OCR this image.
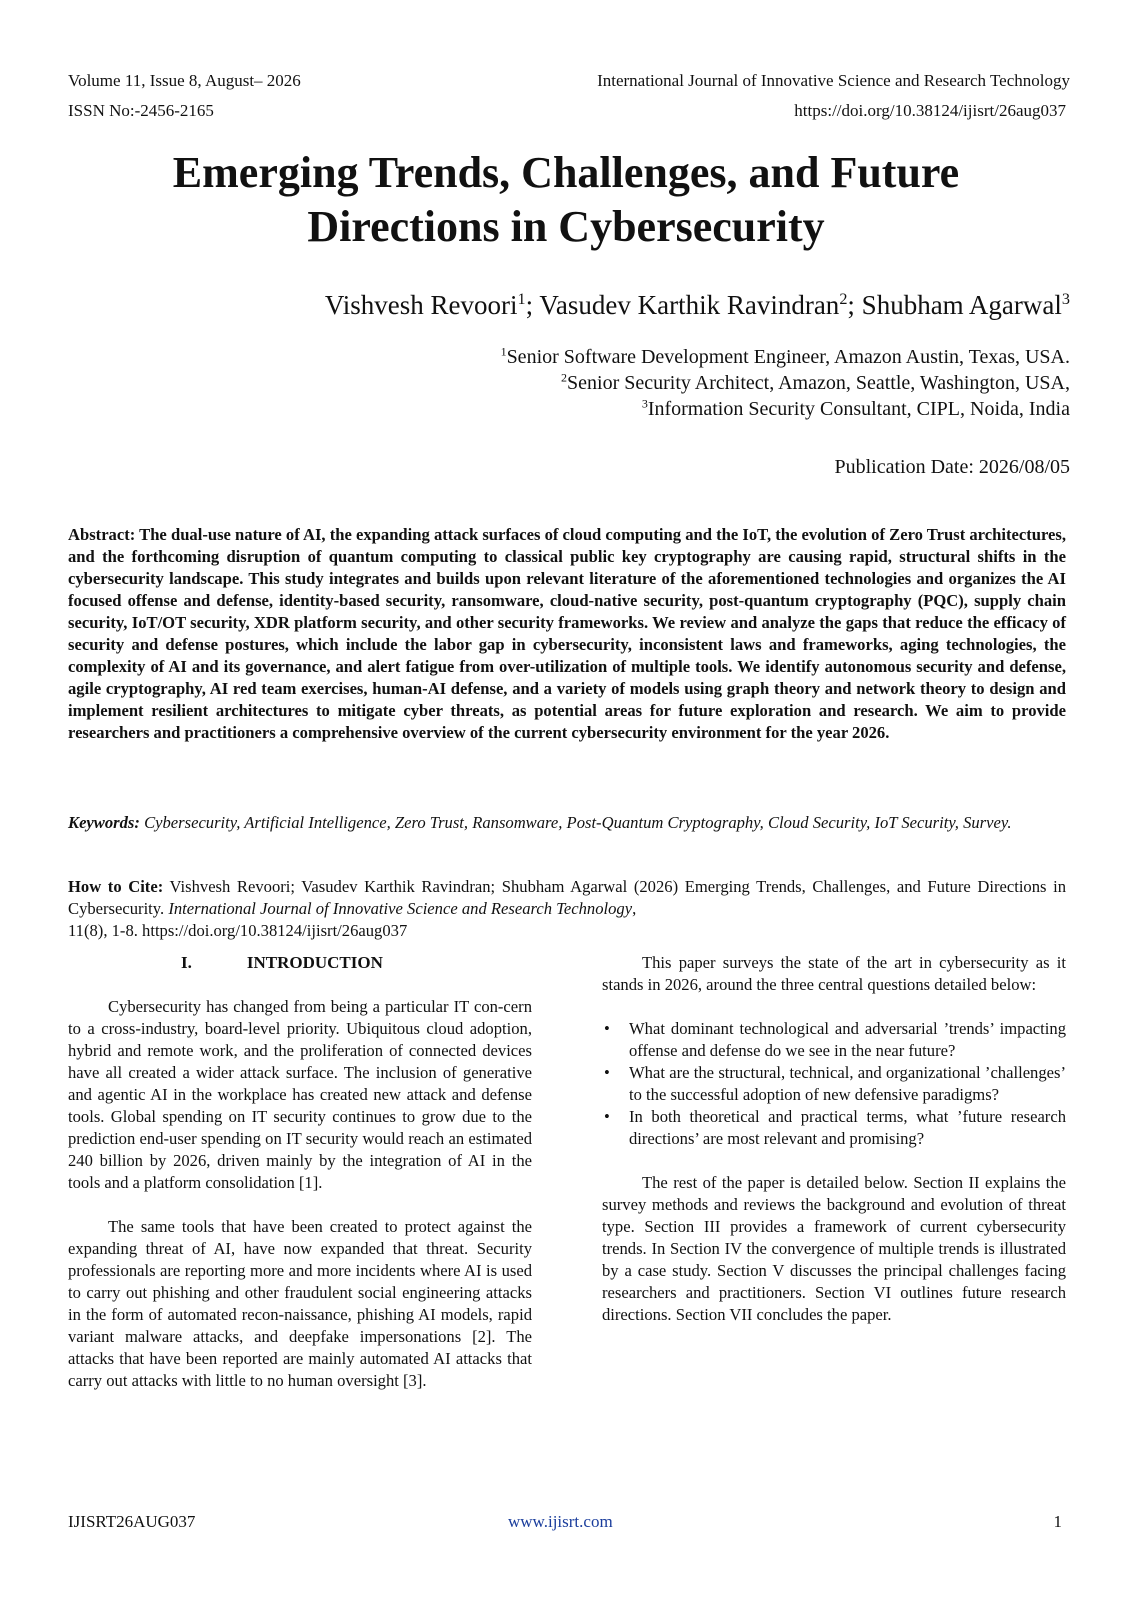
Volume 11, Issue 8, August– 2026	International Journal of Innovative Science and Research Technology
ISSN No:-2456-2165	https://doi.org/10.38124/ijisrt/26aug037
Emerging Trends, Challenges, and Future
Directions in Cybersecurity
Vishvesh Revoori$^1$; Vasudev Karthik Ravindran$^2$; Shubham Agarwal$^3$
$^1$Senior Software Development Engineer, Amazon Austin, Texas, USA.
$^2$Senior Security Architect, Amazon, Seattle, Washington, USA,
$^3$Information Security Consultant, CIPL, Noida, India
Publication Date: 2026/08/05
Abstract: The dual-use nature of AI, the expanding attack surfaces of cloud computing and the IoT, the evolution of Zero Trust architectures, and the forthcoming disruption of quantum computing to classical public key cryptography are causing rapid, structural shifts in the cybersecurity landscape. This study integrates and builds upon relevant literature of the aforementioned technologies and organizes the AI focused offense and defense, identity-based security, ransomware, cloud-native security, post-quantum cryptography (PQC), supply chain security, IoT/OT security, XDR platform security, and other security frameworks. We review and analyze the gaps that reduce the efficacy of security and defense postures, which include the labor gap in cybersecurity, inconsistent laws and frameworks, aging technologies, the complexity of AI and its governance, and alert fatigue from over-utilization of multiple tools. We identify autonomous security and defense, agile cryptography, AI red team exercises, human-AI defense, and a variety of models using graph theory and network theory to design and implement resilient architectures to mitigate cyber threats, as potential areas for future exploration and research. We aim to provide researchers and practitioners a comprehensive overview of the current cybersecurity environment for the year 2026.
Keywords: Cybersecurity, Artificial Intelligence, Zero Trust, Ransomware, Post-Quantum Cryptography, Cloud Security, IoT Security, Survey.
How to Cite: Vishvesh Revoori; Vasudev Karthik Ravindran; Shubham Agarwal (2026) Emerging Trends, Challenges, and Future Directions in Cybersecurity. International Journal of Innovative Science and Research Technology,
11(8), 1-8. https://doi.org/10.38124/ijisrt/26aug037
I.	INTRODUCTION

Cybersecurity has changed from being a particular IT con-cern to a cross-industry, board-level priority. Ubiquitous cloud adoption, hybrid and remote work, and the proliferation of connected devices have all created a wider attack surface. The inclusion of generative and agentic AI in the workplace has created new attack and defense tools. Global spending on IT security continues to grow due to the prediction end-user spending on IT security would reach an estimated 240 billion by 2026, driven mainly by the integration of AI in the tools and a platform consolidation [1].

The same tools that have been created to protect against the expanding threat of AI, have now expanded that threat. Security professionals are reporting more and more incidents where AI is used to carry out phishing and other fraudulent social engineering attacks in the form of automated recon-naissance, phishing AI models, rapid variant malware attacks, and deepfake impersonations [2]. The attacks that have been reported are mainly automated AI attacks that carry out attacks with little to no human oversight [3].

This paper surveys the state of the art in cybersecurity as it stands in 2026, around the three central questions detailed below:

• What dominant technological and adversarial ’trends’ impacting offense and defense do we see in the near future?
• What are the structural, technical, and organizational ’challenges’ to the successful adoption of new defensive paradigms?
• In both theoretical and practical terms, what ’future research directions’ are most relevant and promising?

The rest of the paper is detailed below. Section II explains the survey methods and reviews the background and evolution of threat type. Section III provides a framework of current cybersecurity trends. In Section IV the convergence of multiple trends is illustrated by a case study. Section V discusses the principal challenges facing researchers and practitioners. Section VI outlines future research directions. Section VII concludes the paper.

IJISRT26AUG037	www.ijisrt.com	1
